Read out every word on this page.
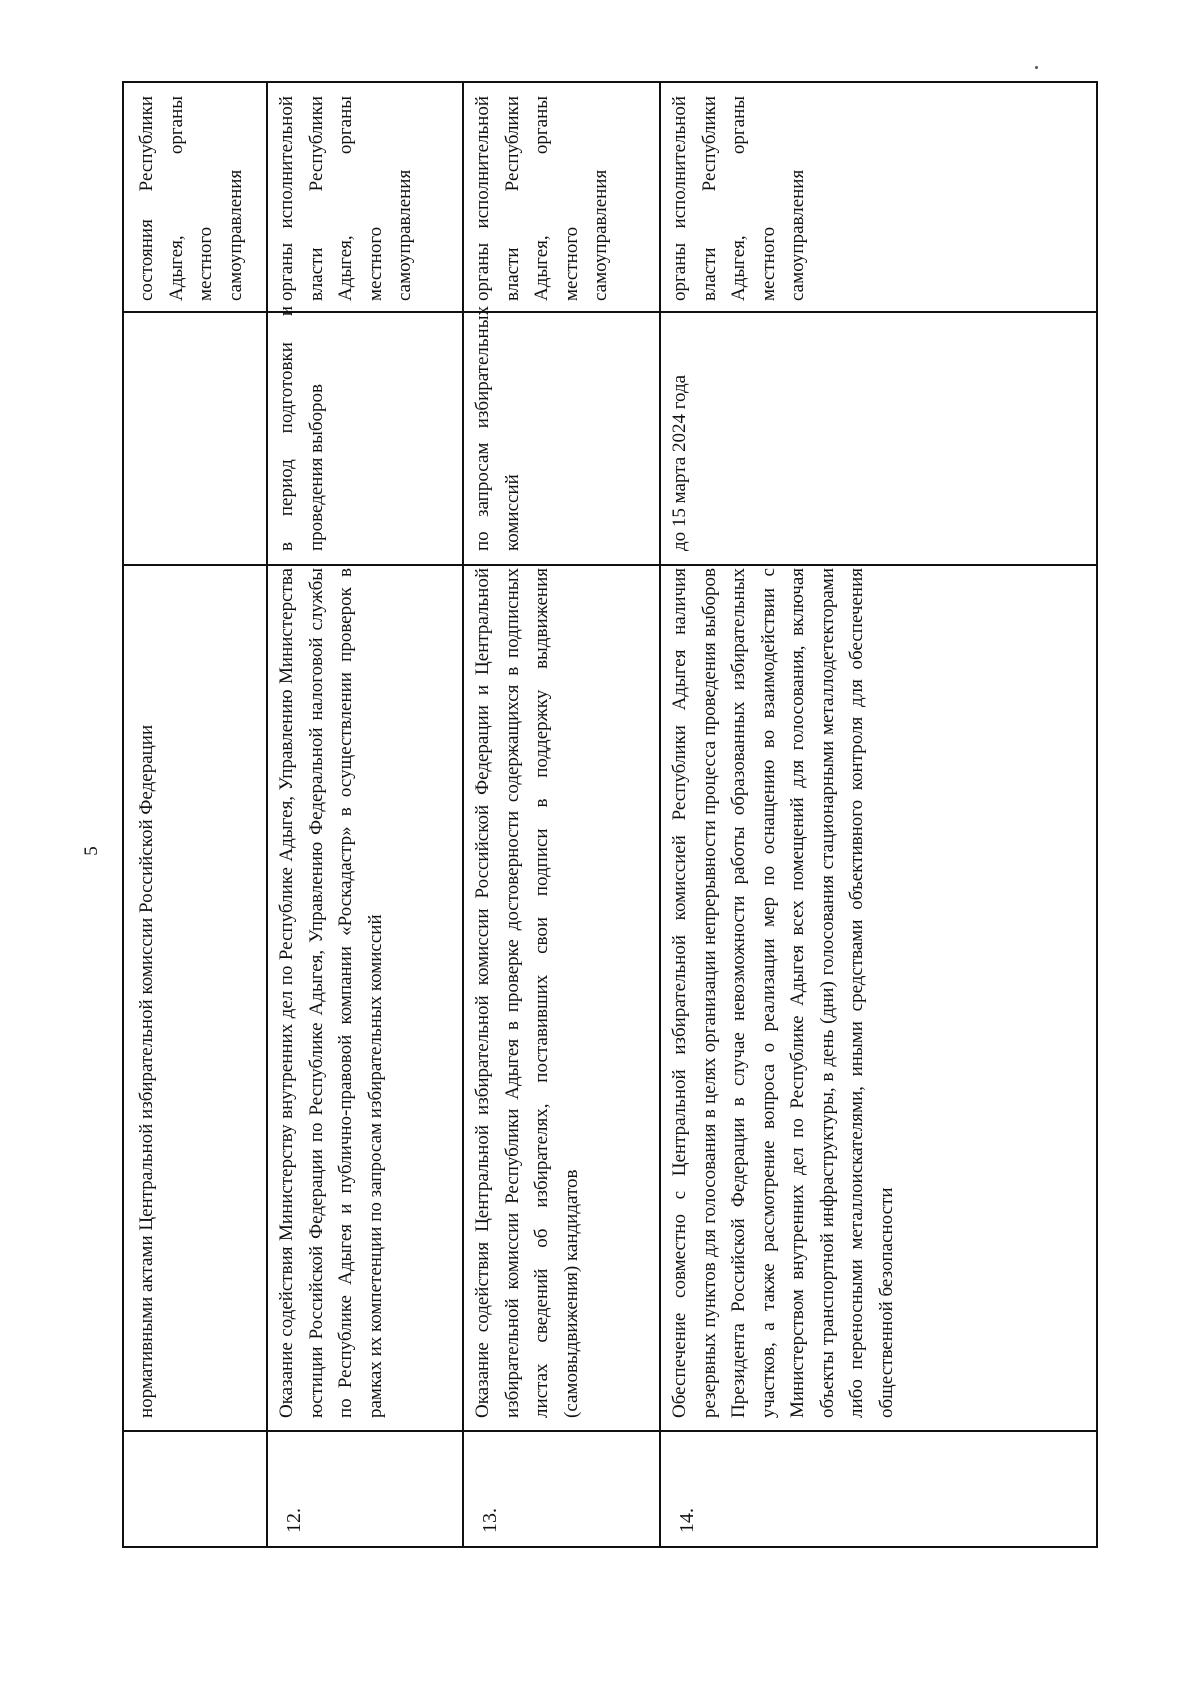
5 нормативными актами Центральной избирательной комиссии Российской Федерации
состояния Республики Адыгея, органы местного самоуправления
12.
Оказание содействия Министерству внутренних дел по Республике Адыгея, Управлению Министерства юстиции Российской Федерации по Республике Адыгея, Управлению Федеральной налоговой службы по Республике Адыгея и публично-правовой компании «Роскадастр» в осуществлении проверок в рамках их компетенции по запросам избирательных комиссий
в период подготовки и проведения выборов
органы исполнительной власти Республики Адыгея, органы местного самоуправления
13.
Оказание содействия Центральной избирательной комиссии Российской Федерации и Центральной избирательной комиссии Республики Адыгея в проверке достоверности содержащихся в подписных листах сведений об избирателях, поставивших свои подписи в поддержку выдвижения (самовыдвижения) кандидатов
по запросам избирательных комиссий
органы исполнительной власти Республики Адыгея, органы местного самоуправления
14.
Обеспечение совместно с Центральной избирательной комиссией Республики Адыгея наличия резервных пунктов для голосования в целях организации непрерывности процесса проведения выборов Президента Российской Федерации в случае невозможности работы образованных избирательных участков, а также рассмотрение вопроса о реализации мер по оснащению во взаимодействии с Министерством внутренних дел по Республике Адыгея всех помещений для голосования, включая объекты транспортной инфраструктуры, в день (дни) голосования стационарными металлодетекторами либо переносными металлоискателями, иными средствами объективного контроля для обеспечения общественной безопасности
до 15 марта 2024 года
органы исполнительной власти Республики Адыгея, органы местного самоуправления
